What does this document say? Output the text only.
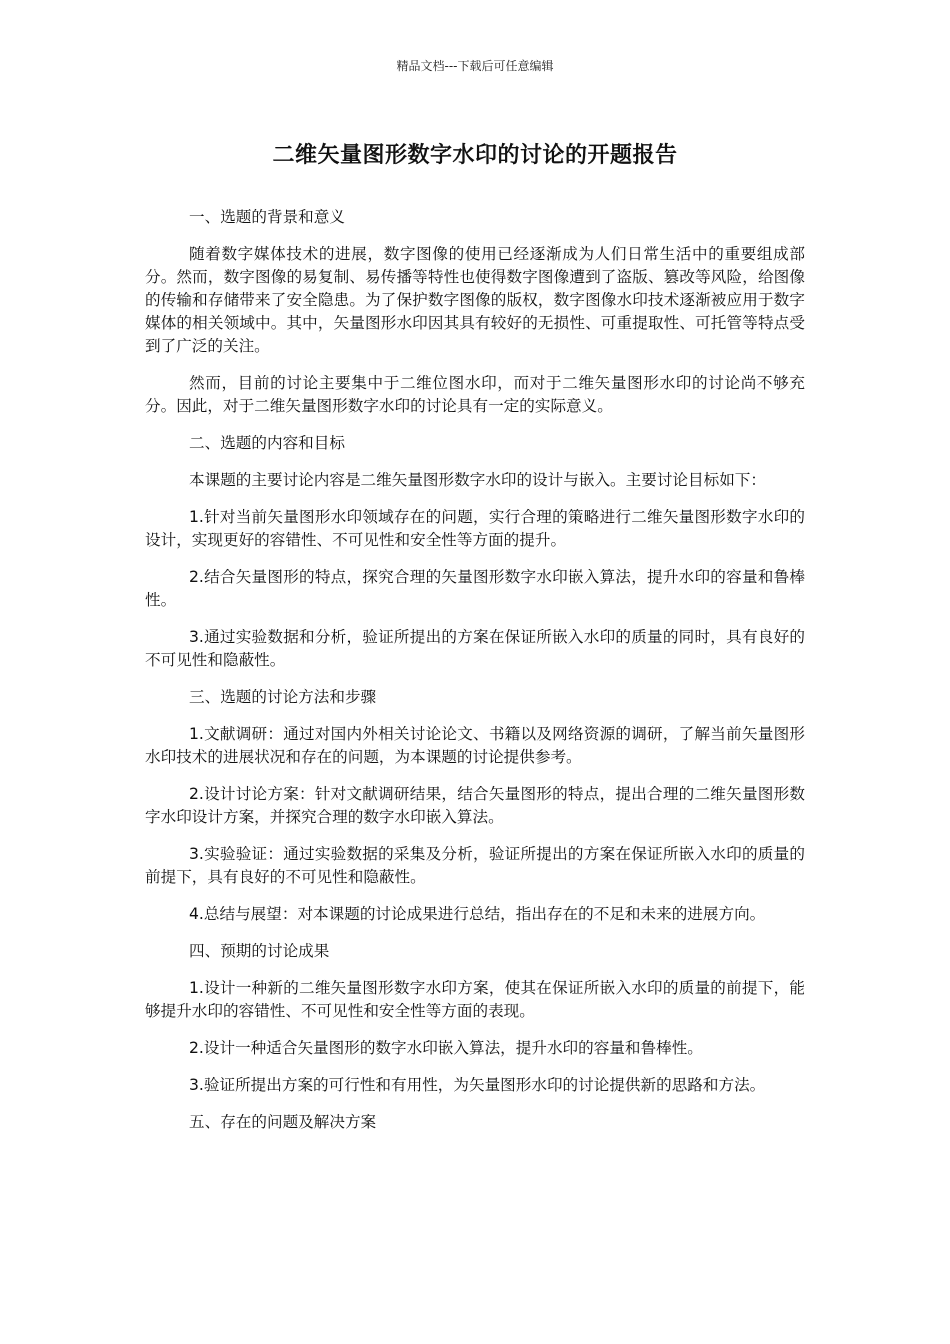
精品文档---下载后可任意编辑
二维矢量图形数字水印的讨论的开题报告

一、选题的背景和意义

随着数字媒体技术的进展，数字图像的使用已经逐渐成为人们日常生活中的重要组成部分。然而，数字图像的易复制、易传播等特性也使得数字图像遭到了盗版、篡改等风险，给图像的传输和存储带来了安全隐患。为了保护数字图像的版权，数字图像水印技术逐渐被应用于数字媒体的相关领域中。其中，矢量图形水印因其具有较好的无损性、可重提取性、可托管等特点受到了广泛的关注。

然而，目前的讨论主要集中于二维位图水印，而对于二维矢量图形水印的讨论尚不够充分。因此，对于二维矢量图形数字水印的讨论具有一定的实际意义。

二、选题的内容和目标

本课题的主要讨论内容是二维矢量图形数字水印的设计与嵌入。主要讨论目标如下：

1.针对当前矢量图形水印领域存在的问题，实行合理的策略进行二维矢量图形数字水印的设计，实现更好的容错性、不可见性和安全性等方面的提升。

2.结合矢量图形的特点，探究合理的矢量图形数字水印嵌入算法，提升水印的容量和鲁棒性。

3.通过实验数据和分析，验证所提出的方案在保证所嵌入水印的质量的同时，具有良好的不可见性和隐蔽性。

三、选题的讨论方法和步骤

1.文献调研：通过对国内外相关讨论论文、书籍以及网络资源的调研，了解当前矢量图形水印技术的进展状况和存在的问题，为本课题的讨论提供参考。

2.设计讨论方案：针对文献调研结果，结合矢量图形的特点，提出合理的二维矢量图形数字水印设计方案，并探究合理的数字水印嵌入算法。

3.实验验证：通过实验数据的采集及分析，验证所提出的方案在保证所嵌入水印的质量的前提下，具有良好的不可见性和隐蔽性。

4.总结与展望：对本课题的讨论成果进行总结，指出存在的不足和未来的进展方向。

四、预期的讨论成果

1.设计一种新的二维矢量图形数字水印方案，使其在保证所嵌入水印的质量的前提下，能够提升水印的容错性、不可见性和安全性等方面的表现。

2.设计一种适合矢量图形的数字水印嵌入算法，提升水印的容量和鲁棒性。

3.验证所提出方案的可行性和有用性，为矢量图形水印的讨论提供新的思路和方法。

五、存在的问题及解决方案
